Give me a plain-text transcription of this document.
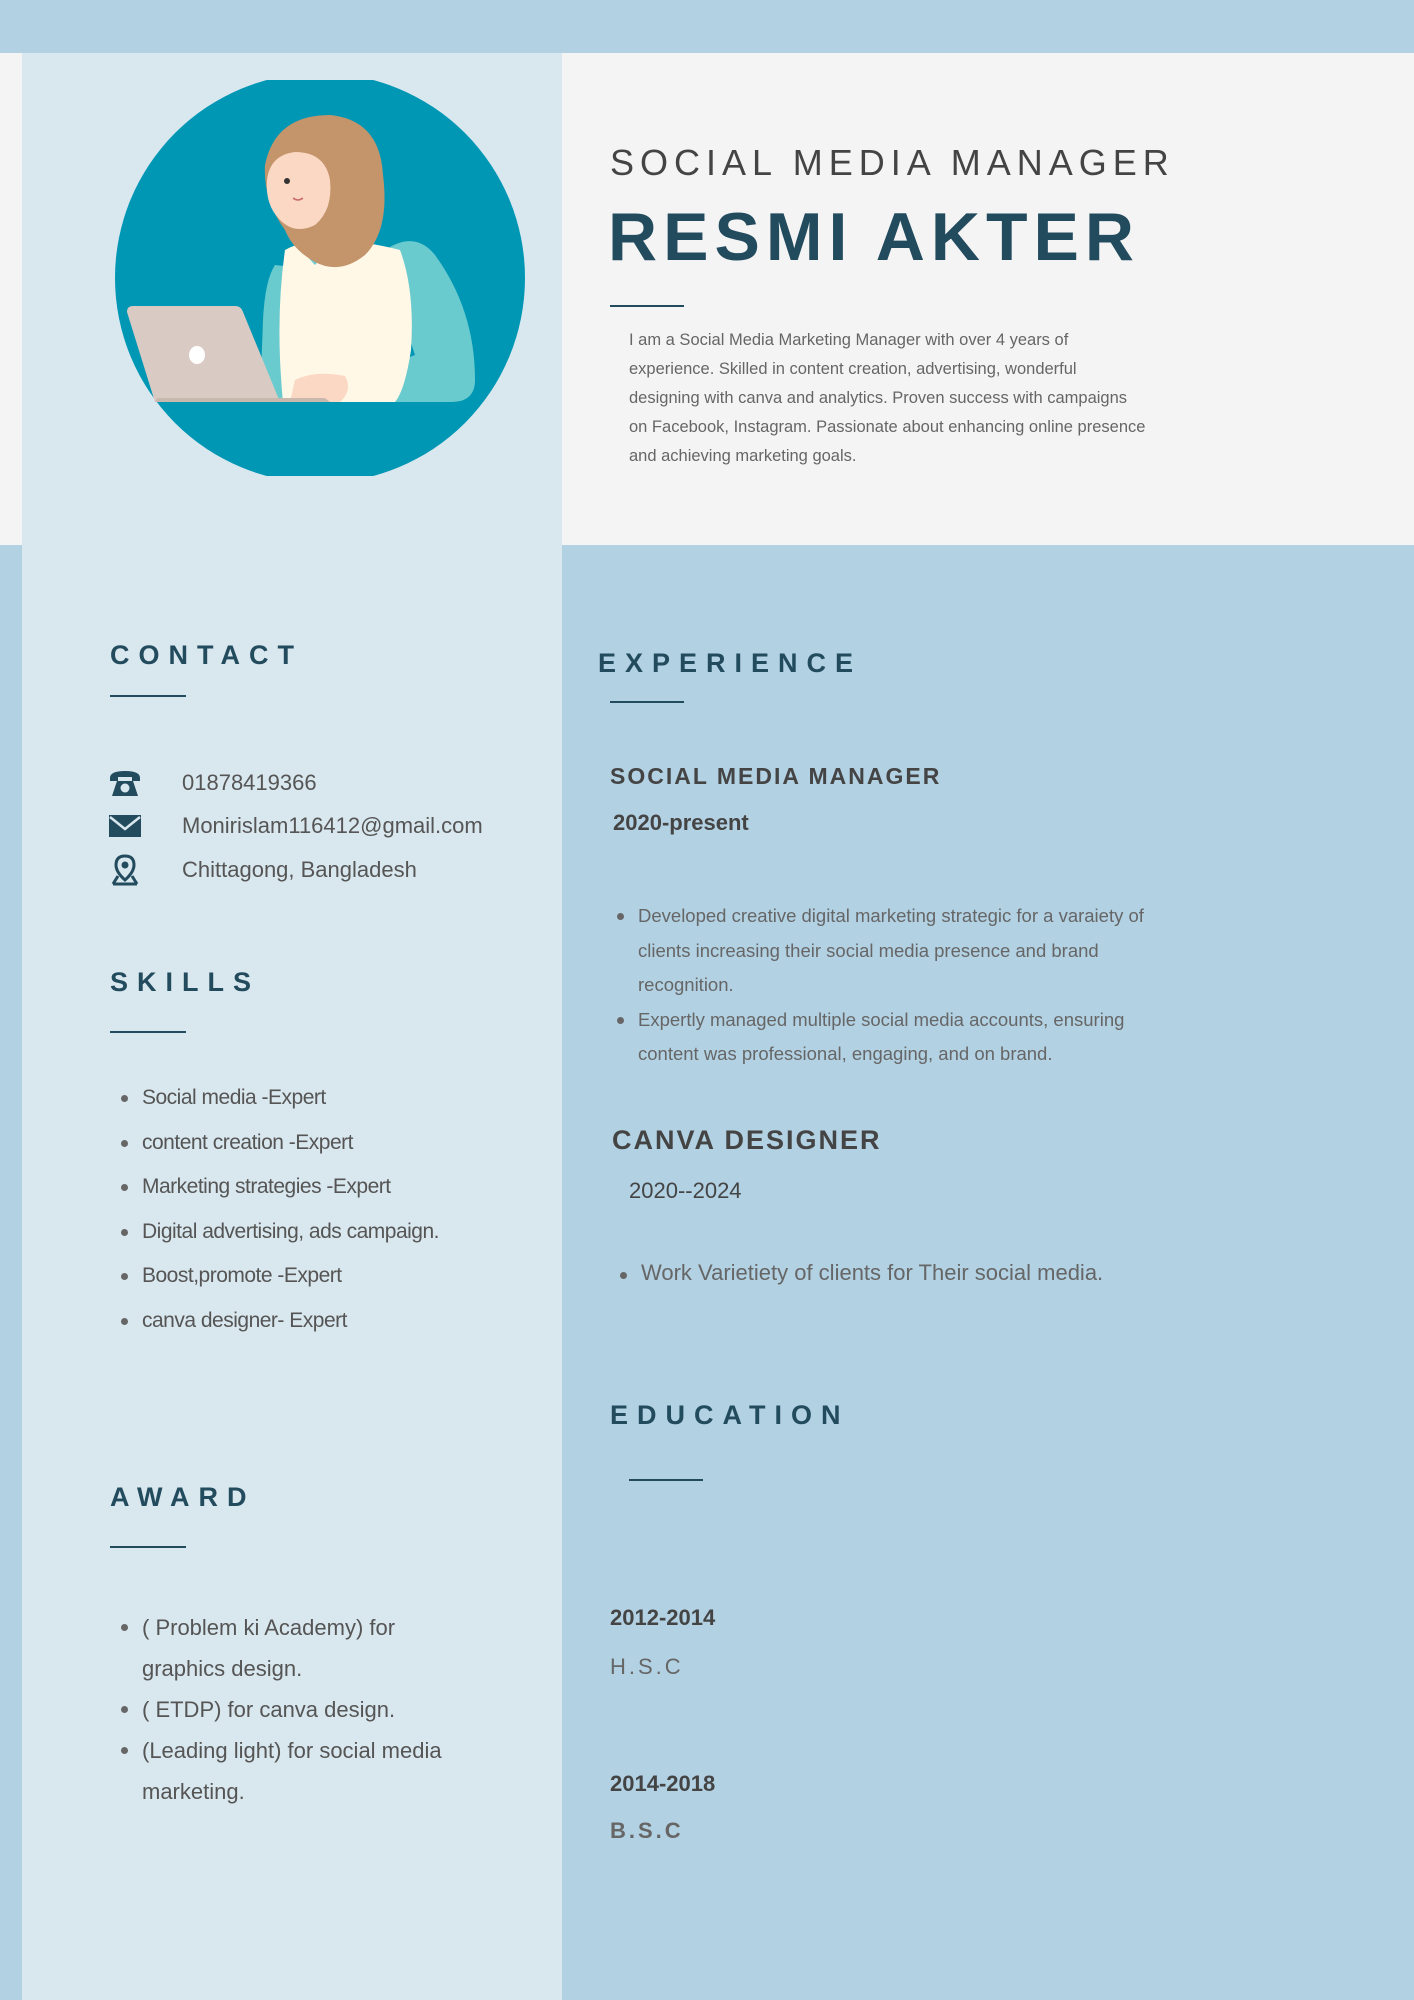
SOCIAL MEDIA MANAGER
RESMI AKTER
I am a Social Media Marketing Manager with over 4 years of experience. Skilled in content creation, advertising, wonderful designing with canva and analytics. Proven success with campaigns on Facebook, Instagram. Passionate about enhancing online presence and achieving marketing goals.
CONTACT
01878419366
Monirislam116412@gmail.com
Chittagong, Bangladesh
SKILLS
Social media -Expert
content creation -Expert
Marketing strategies -Expert
Digital advertising, ads campaign.
Boost,promote -Expert
canva designer- Expert
AWARD
( Problem ki Academy) for graphics design.
( ETDP) for canva design.
(Leading light) for social media marketing.
EXPERIENCE
SOCIAL MEDIA MANAGER
2020-present
Developed creative digital marketing strategic for a varaiety of clients increasing their social media presence and brand recognition.
Expertly managed multiple social media accounts, ensuring content was professional, engaging, and on brand.
CANVA DESIGNER
2020--2024
Work Varietiety of clients for Their social media.
EDUCATION
2012-2014
H.S.C
2014-2018
B.S.C
